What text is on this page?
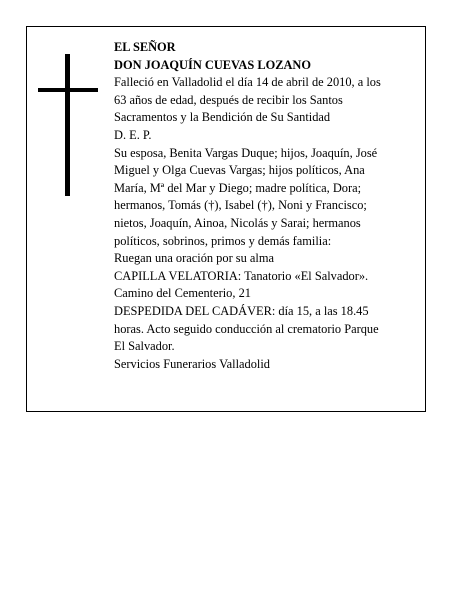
EL SEÑOR
DON JOAQUÍN CUEVAS LOZANO
Falleció en Valladolid el día 14 de abril de 2010, a los
63 años de edad, después de recibir los Santos
Sacramentos y la Bendición de Su Santidad
D. E. P.
Su esposa, Benita Vargas Duque; hijos, Joaquín, José
Miguel y Olga Cuevas Vargas; hijos políticos, Ana
María, Mª del Mar y Diego; madre política, Dora;
hermanos, Tomás (†), Isabel (†), Noni y Francisco;
nietos, Joaquín, Ainoa, Nicolás y Sarai; hermanos
políticos, sobrinos, primos y demás familia:
Ruegan una oración por su alma
CAPILLA VELATORIA: Tanatorio «El Salvador».
Camino del Cementerio, 21
DESPEDIDA DEL CADÁVER: día 15, a las 18.45
horas. Acto seguido conducción al crematorio Parque
El Salvador.
Servicios Funerarios Valladolid
